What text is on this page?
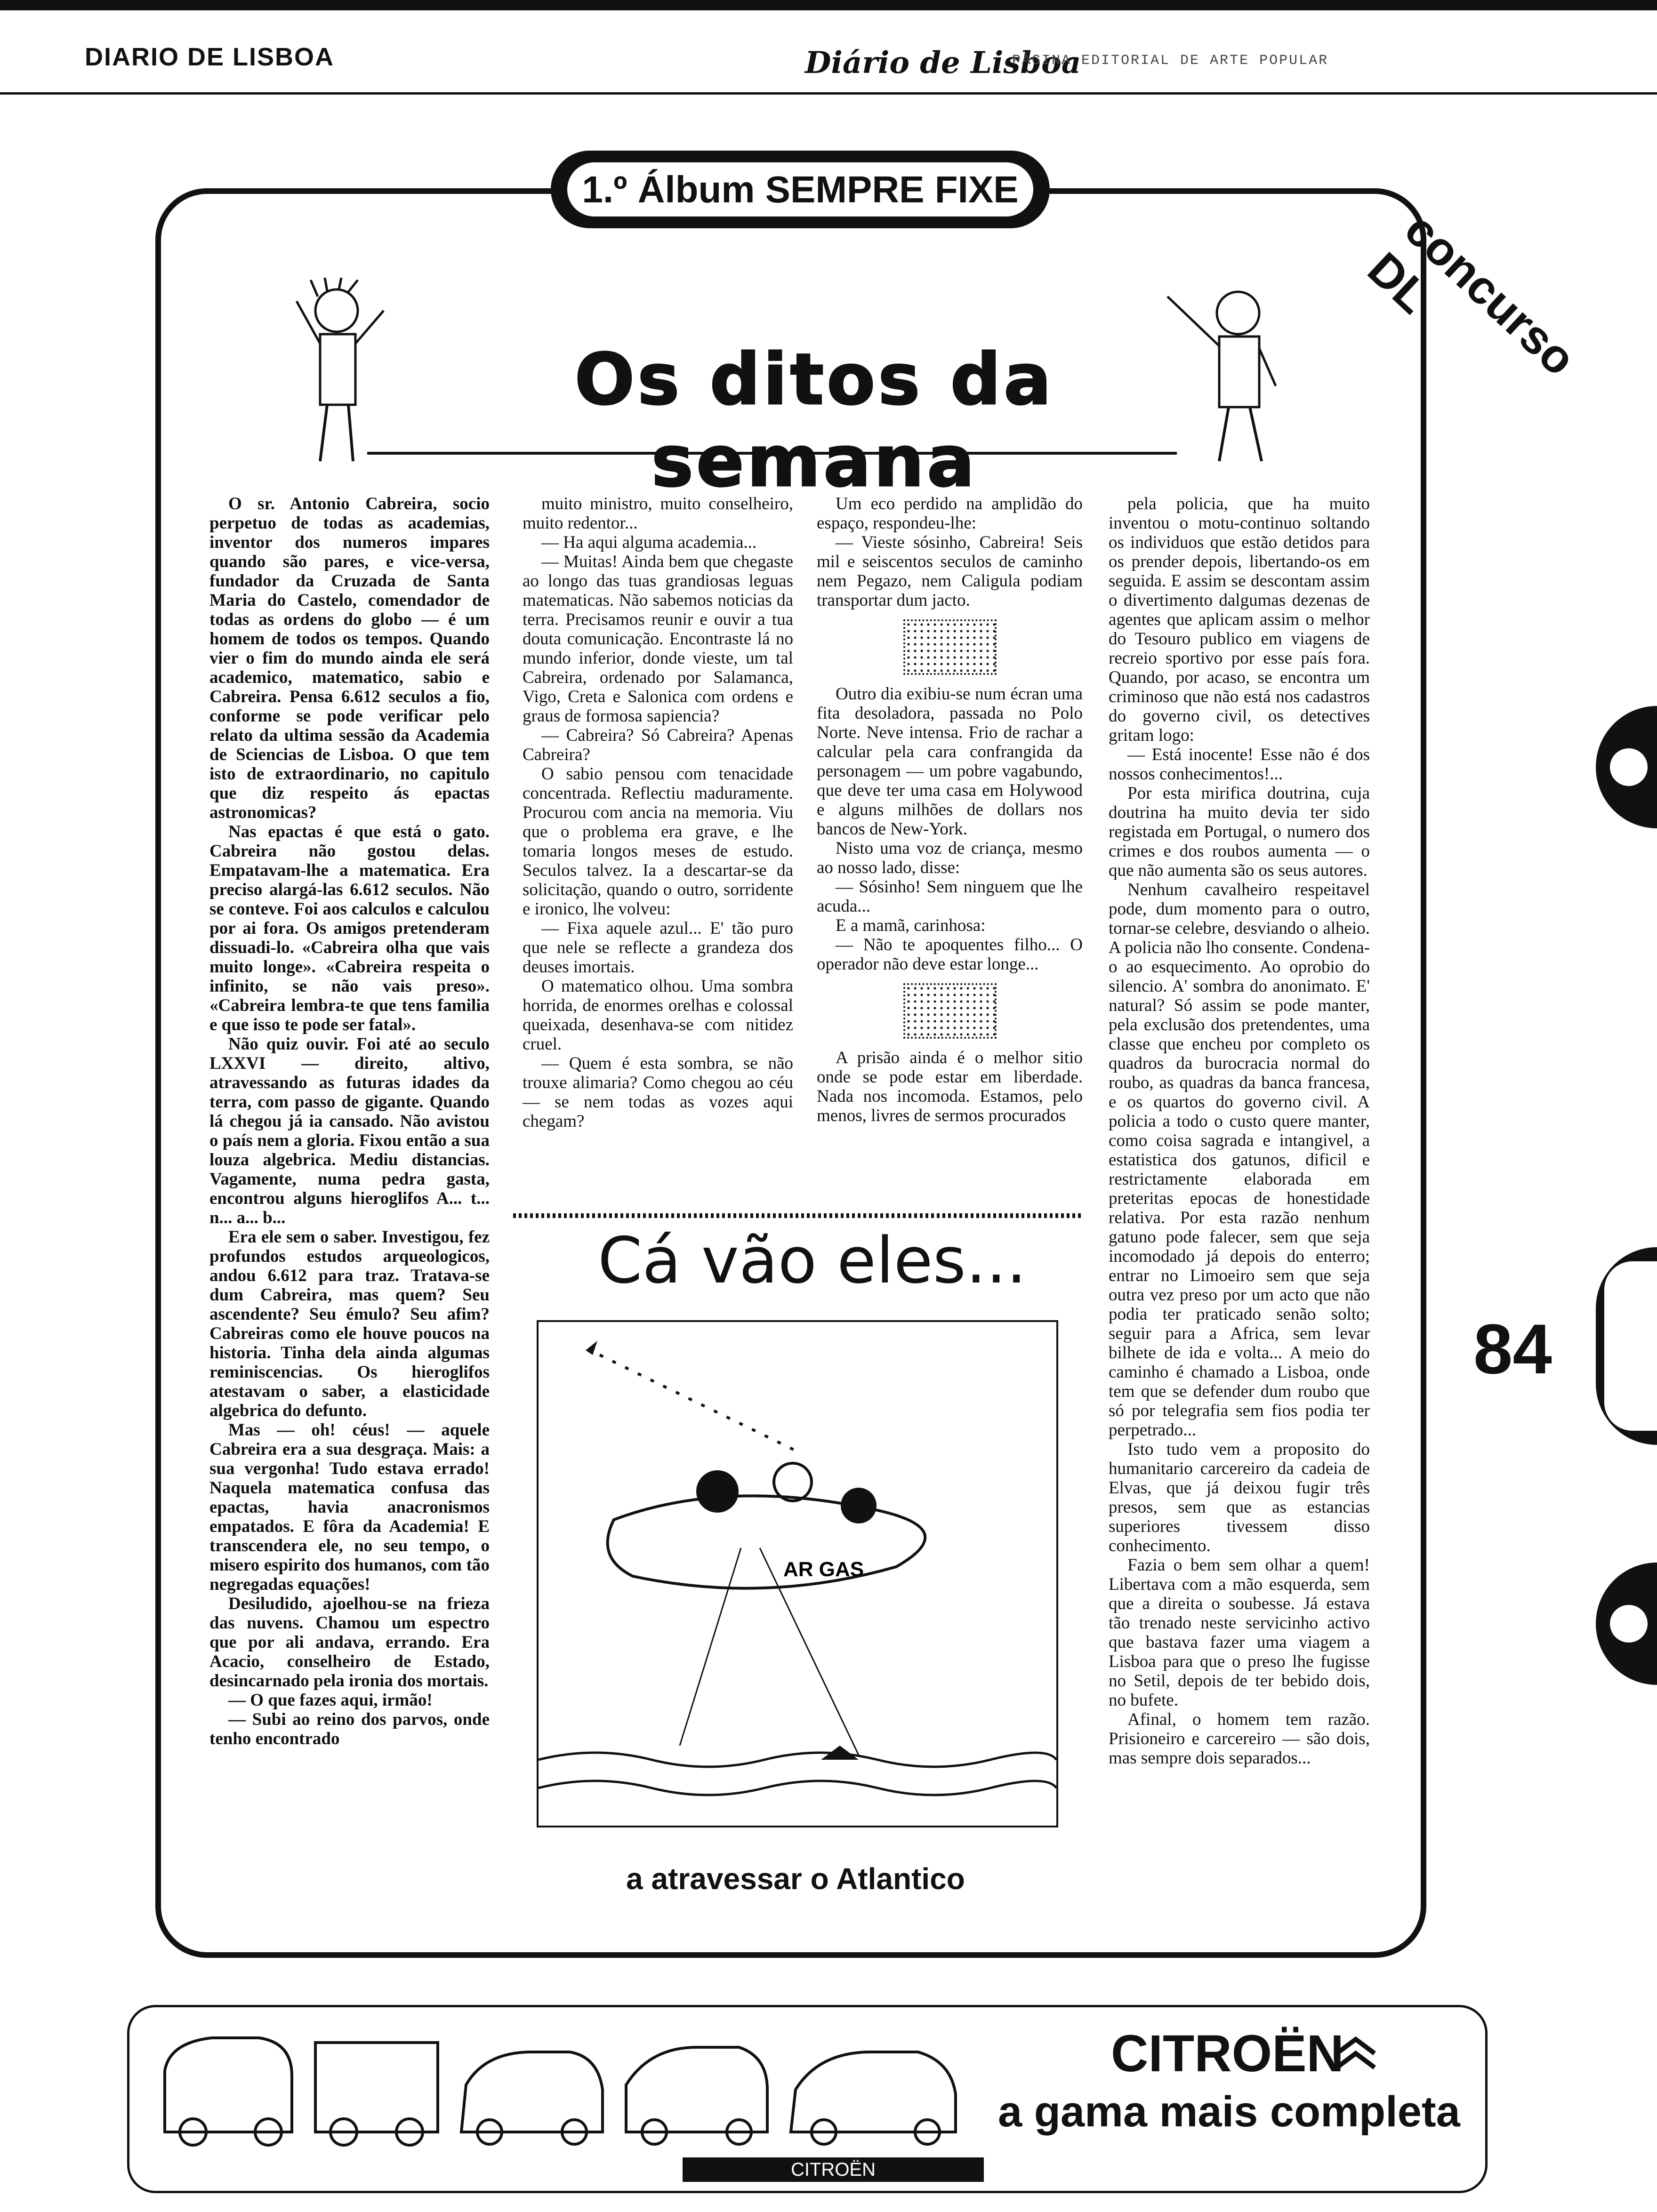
DIARIO DE LISBOA	Diário de Lisboa
PÁGINA EDITORIAL DE ARTE POPULAR
1.º Álbum SEMPRE FIXE
concurso DL
84
Os ditos da semana

O sr. Antonio Cabreira, socio perpetuo de todas as academias, inventor dos numeros impares quando são pares, e vice-versa, fundador da Cruzada de Santa Maria do Castelo, comendador de todas as ordens do globo — é um homem de todos os tempos. Quando vier o fim do mundo ainda ele será academico, matematico, sabio e Cabreira. Pensa 6.612 seculos a fio, conforme se pode verificar pelo relato da ultima sessão da Academia de Sciencias de Lisboa. O que tem isto de extraordinario, no capitulo que diz respeito ás epactas astronomicas?

Nas epactas é que está o gato. Cabreira não gostou delas. Empatavam-lhe a matematica. Era preciso alargá-las 6.612 seculos. Não se conteve. Foi aos calculos e calculou por ai fora. Os amigos pretenderam dissuadi-lo. «Cabreira olha que vais muito longe». «Cabreira respeita o infinito, se não vais preso». «Cabreira lembra-te que tens familia e que isso te pode ser fatal».

Não quiz ouvir. Foi até ao seculo LXXVI — direito, altivo, atravessando as futuras idades da terra, com passo de gigante. Quando lá chegou já ia cansado. Não avistou o país nem a gloria. Fixou então a sua louza algebrica. Mediu distancias. Vagamente, numa pedra gasta, encontrou alguns hieroglifos A... t... n... a... b...

Era ele sem o saber. Investigou, fez profundos estudos arqueologicos, andou 6.612 para traz. Tratava-se dum Cabreira, mas quem? Seu ascendente? Seu émulo? Seu afim? Cabreiras como ele houve poucos na historia. Tinha dela ainda algumas reminiscencias. Os hieroglifos atestavam o saber, a elasticidade algebrica do defunto.

Mas — oh! céus! — aquele Cabreira era a sua desgraça. Mais: a sua vergonha! Tudo estava errado! Naquela matematica confusa das epactas, havia anacronismos empatados. E fôra da Academia! E transcendera ele, no seu tempo, o misero espirito dos humanos, com tão negregadas equações!

Desiludido, ajoelhou-se na frieza das nuvens. Chamou um espectro que por ali andava, errando. Era Acacio, conselheiro de Estado, desincarnado pela ironia dos mortais.

— O que fazes aqui, irmão!

— Subi ao reino dos parvos, onde tenho encontrado

muito ministro, muito conselheiro, muito redentor...

— Ha aqui alguma academia...

— Muitas! Ainda bem que chegaste ao longo das tuas grandiosas leguas matematicas. Não sabemos noticias da terra. Precisamos reunir e ouvir a tua douta comunicação. Encontraste lá no mundo inferior, donde vieste, um tal Cabreira, ordenado por Salamanca, Vigo, Creta e Salonica com ordens e graus de formosa sapiencia?

— Cabreira? Só Cabreira? Apenas Cabreira?

O sabio pensou com tenacidade concentrada. Reflectiu maduramente. Procurou com ancia na memoria. Viu que o problema era grave, e lhe tomaria longos meses de estudo. Seculos talvez. Ia a descartar-se da solicitação, quando o outro, sorridente e ironico, lhe volveu:

— Fixa aquele azul... E' tão puro que nele se reflecte a grandeza dos deuses imortais.

O matematico olhou. Uma sombra horrida, de enormes orelhas e colossal queixada, desenhava-se com nitidez cruel.

— Quem é esta sombra, se não trouxe alimaria? Como chegou ao céu — se nem todas as vozes aqui chegam?

Um eco perdido na amplidão do espaço, respondeu-lhe:

— Vieste sósinho, Cabreira! Seis mil e seiscentos seculos de caminho nem Pegazo, nem Caligula podiam transportar dum jacto.

Outro dia exibiu-se num écran uma fita desoladora, passada no Polo Norte. Neve intensa. Frio de rachar a calcular pela cara confrangida da personagem — um pobre vagabundo, que deve ter uma casa em Holywood e alguns milhões de dollars nos bancos de New-York.

Nisto uma voz de criança, mesmo ao nosso lado, disse:

— Sósinho! Sem ninguem que lhe acuda...

E a mamã, carinhosa:

— Não te apoquentes filho... O operador não deve estar longe...

A prisão ainda é o melhor sitio onde se pode estar em liberdade. Nada nos incomoda. Estamos, pelo menos, livres de sermos procurados

pela policia, que ha muito inventou o motu-continuo soltando os individuos que estão detidos para os prender depois, libertando-os em seguida. E assim se descontam assim o divertimento dalgumas dezenas de agentes que aplicam assim o melhor do Tesouro publico em viagens de recreio sportivo por esse país fora. Quando, por acaso, se encontra um criminoso que não está nos cadastros do governo civil, os detectives gritam logo:

— Está inocente! Esse não é dos nossos conhecimentos!...

Por esta mirifica doutrina, cuja doutrina ha muito devia ter sido registada em Portugal, o numero dos crimes e dos roubos aumenta — o que não aumenta são os seus autores.

Nenhum cavalheiro respeitavel pode, dum momento para o outro, tornar-se celebre, desviando o alheio. A policia não lho consente. Condena-o ao esquecimento. Ao oprobio do silencio. A' sombra do anonimato. E' natural? Só assim se pode manter, pela exclusão dos pretendentes, uma classe que encheu por completo os quadros da burocracia normal do roubo, as quadras da banca francesa, e os quartos do governo civil. A policia a todo o custo quere manter, como coisa sagrada e intangivel, a estatistica dos gatunos, dificil e restrictamente elaborada em preteritas epocas de honestidade relativa. Por esta razão nenhum gatuno pode falecer, sem que seja incomodado já depois do enterro; entrar no Limoeiro sem que seja outra vez preso por um acto que não podia ter praticado senão solto; seguir para a Africa, sem levar bilhete de ida e volta... A meio do caminho é chamado a Lisboa, onde tem que se defender dum roubo que só por telegrafia sem fios podia ter perpetrado...

Isto tudo vem a proposito do humanitario carcereiro da cadeia de Elvas, que já deixou fugir três presos, sem que as estancias superiores tivessem disso conhecimento.

Fazia o bem sem olhar a quem! Libertava com a mão esquerda, sem que a direita o soubesse. Já estava tão trenado neste servicinho activo que bastava fazer uma viagem a Lisboa para que o preso lhe fugisse no Setil, depois de ter bebido dois, no bufete.

Afinal, o homem tem razão. Prisioneiro e carcereiro — são dois, mas sempre dois separados...

Cá vão eles...
AR GAS
a atravessar o Atlantico
CITROËN
a gama mais completa
CITROËN
